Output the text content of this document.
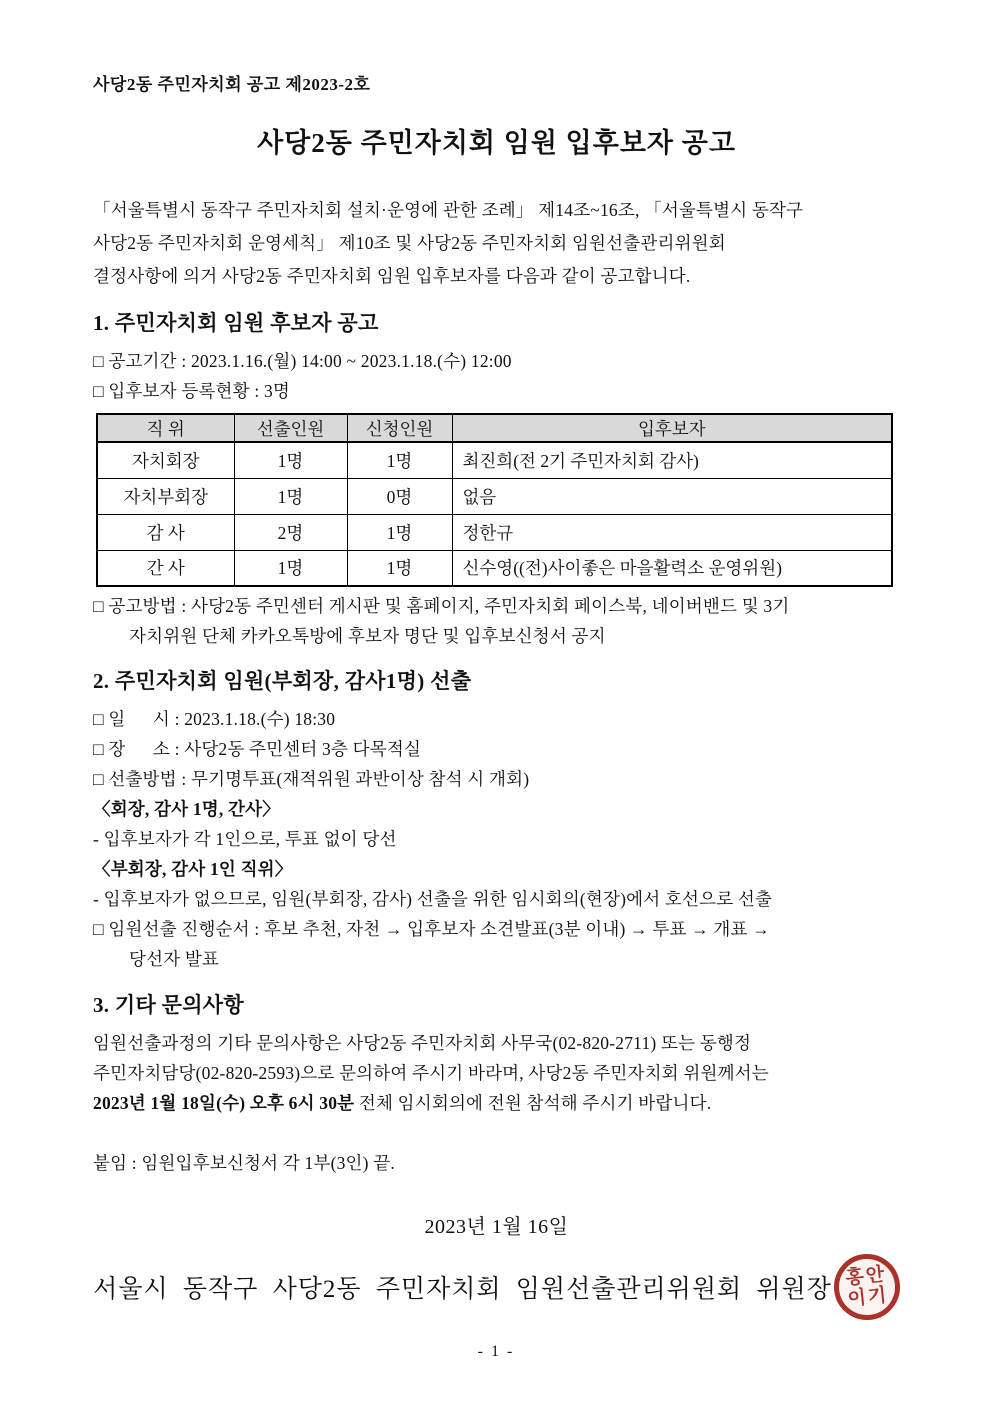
사당2동 주민자치회 공고 제2023-2호
사당2동 주민자치회 임원 입후보자 공고
「서울특별시 동작구 주민자치회 설치·운영에 관한 조례」 제14조~16조, 「서울특별시 동작구
사당2동 주민자치회 운영세칙」 제10조 및 사당2동 주민자치회 임원선출관리위원회
결정사항에 의거 사당2동 주민자치회 임원 입후보자를 다음과 같이 공고합니다.
1. 주민자치회 임원 후보자 공고
□ 공고기간 : 2023.1.16.(월) 14:00 ~ 2023.1.18.(수) 12:00
□ 입후보자 등록현황 : 3명
직 위	선출인원	신청인원	입후보자
자치회장	1명	1명	최진희(전 2기 주민자치회 감사)
자치부회장	1명	0명	없음
감 사	2명	1명	정한규
간 사	1명	1명	신수영((전)사이좋은 마을활력소 운영위원)
□ 공고방법 : 사당2동 주민센터 게시판 및 홈페이지, 주민자치회 페이스북, 네이버밴드 및 3기
자치위원 단체 카카오톡방에 후보자 명단 및 입후보신청서 공지
2. 주민자치회 임원(부회장, 감사1명) 선출
□ 일      시 : 2023.1.18.(수) 18:30
□ 장      소 : 사당2동 주민센터 3층 다목적실
□ 선출방법 : 무기명투표(재적위원 과반이상 참석 시 개회)
〈회장, 감사 1명, 간사〉
- 입후보자가 각 1인으로, 투표 없이 당선
〈부회장, 감사 1인 직위〉
- 입후보자가 없으므로, 임원(부회장, 감사) 선출을 위한 임시회의(현장)에서 호선으로 선출
□ 임원선출 진행순서 : 후보 추천, 자천 → 입후보자 소견발표(3분 이내) → 투표 → 개표 →
당선자 발표
3. 기타 문의사항
임원선출과정의 기타 문의사항은 사당2동 주민자치회 사무국(02-820-2711) 또는 동행정
주민자치담당(02-820-2593)으로 문의하여 주시기 바라며, 사당2동 주민자치회 위원께서는
2023년 1월 18일(수) 오후 6시 30분 전체 임시회의에 전원 참석해 주시기 바랍니다.
붙임 : 임원입후보신청서 각 1부(3인) 끝.
2023년 1월 16일
서울시 동작구 사당2동 주민자치회 임원선출관리위원회 위원장 홍안
이기
- 1 -
